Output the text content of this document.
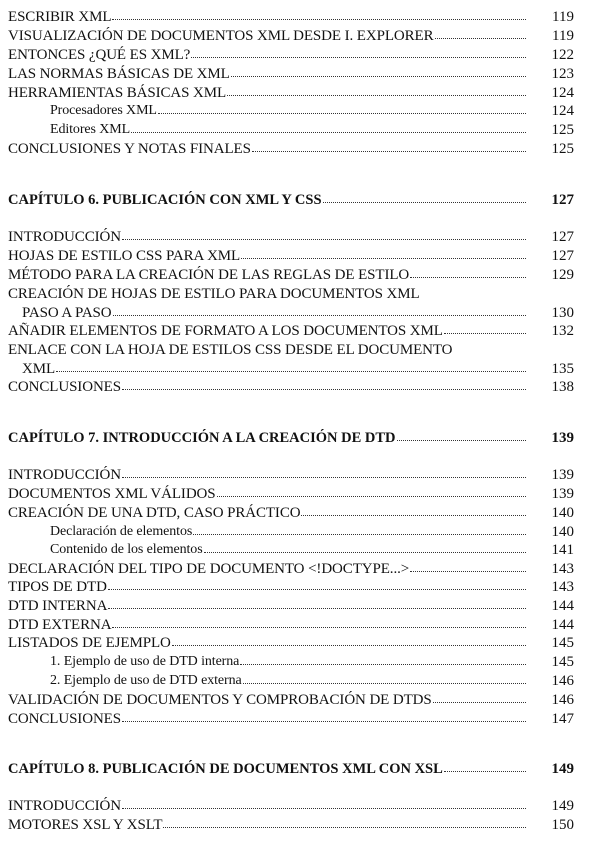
ESCRIBIR XML	119
VISUALIZACIÓN DE DOCUMENTOS XML DESDE I. EXPLORER	119
ENTONCES ¿QUÉ ES XML?	122
LAS NORMAS BÁSICAS DE XML	123
HERRAMIENTAS BÁSICAS XML	124
Procesadores XML	124
Editores XML	125
CONCLUSIONES Y NOTAS FINALES	125
CAPÍTULO 6. PUBLICACIÓN CON XML Y CSS	127
INTRODUCCIÓN	127
HOJAS DE ESTILO CSS PARA XML	127
MÉTODO PARA LA CREACIÓN DE LAS REGLAS DE ESTILO	129
CREACIÓN DE HOJAS DE ESTILO PARA DOCUMENTOS XML
PASO A PASO	130
AÑADIR ELEMENTOS DE FORMATO A LOS DOCUMENTOS XML	132
ENLACE CON LA HOJA DE ESTILOS CSS DESDE EL DOCUMENTO
XML	135
CONCLUSIONES	138
CAPÍTULO 7. INTRODUCCIÓN A LA CREACIÓN DE DTD	139
INTRODUCCIÓN	139
DOCUMENTOS XML VÁLIDOS	139
CREACIÓN DE UNA DTD, CASO PRÁCTICO	140
Declaración de elementos	140
Contenido de los elementos	141
DECLARACIÓN DEL TIPO DE DOCUMENTO <!DOCTYPE...>	143
TIPOS DE DTD	143
DTD INTERNA	144
DTD EXTERNA	144
LISTADOS DE EJEMPLO	145
1. Ejemplo de uso de DTD interna	145
2. Ejemplo de uso de DTD externa	146
VALIDACIÓN DE DOCUMENTOS Y COMPROBACIÓN DE DTDS	146
CONCLUSIONES	147
CAPÍTULO 8. PUBLICACIÓN DE DOCUMENTOS XML CON XSL	149
INTRODUCCIÓN	149
MOTORES XSL Y XSLT	150
